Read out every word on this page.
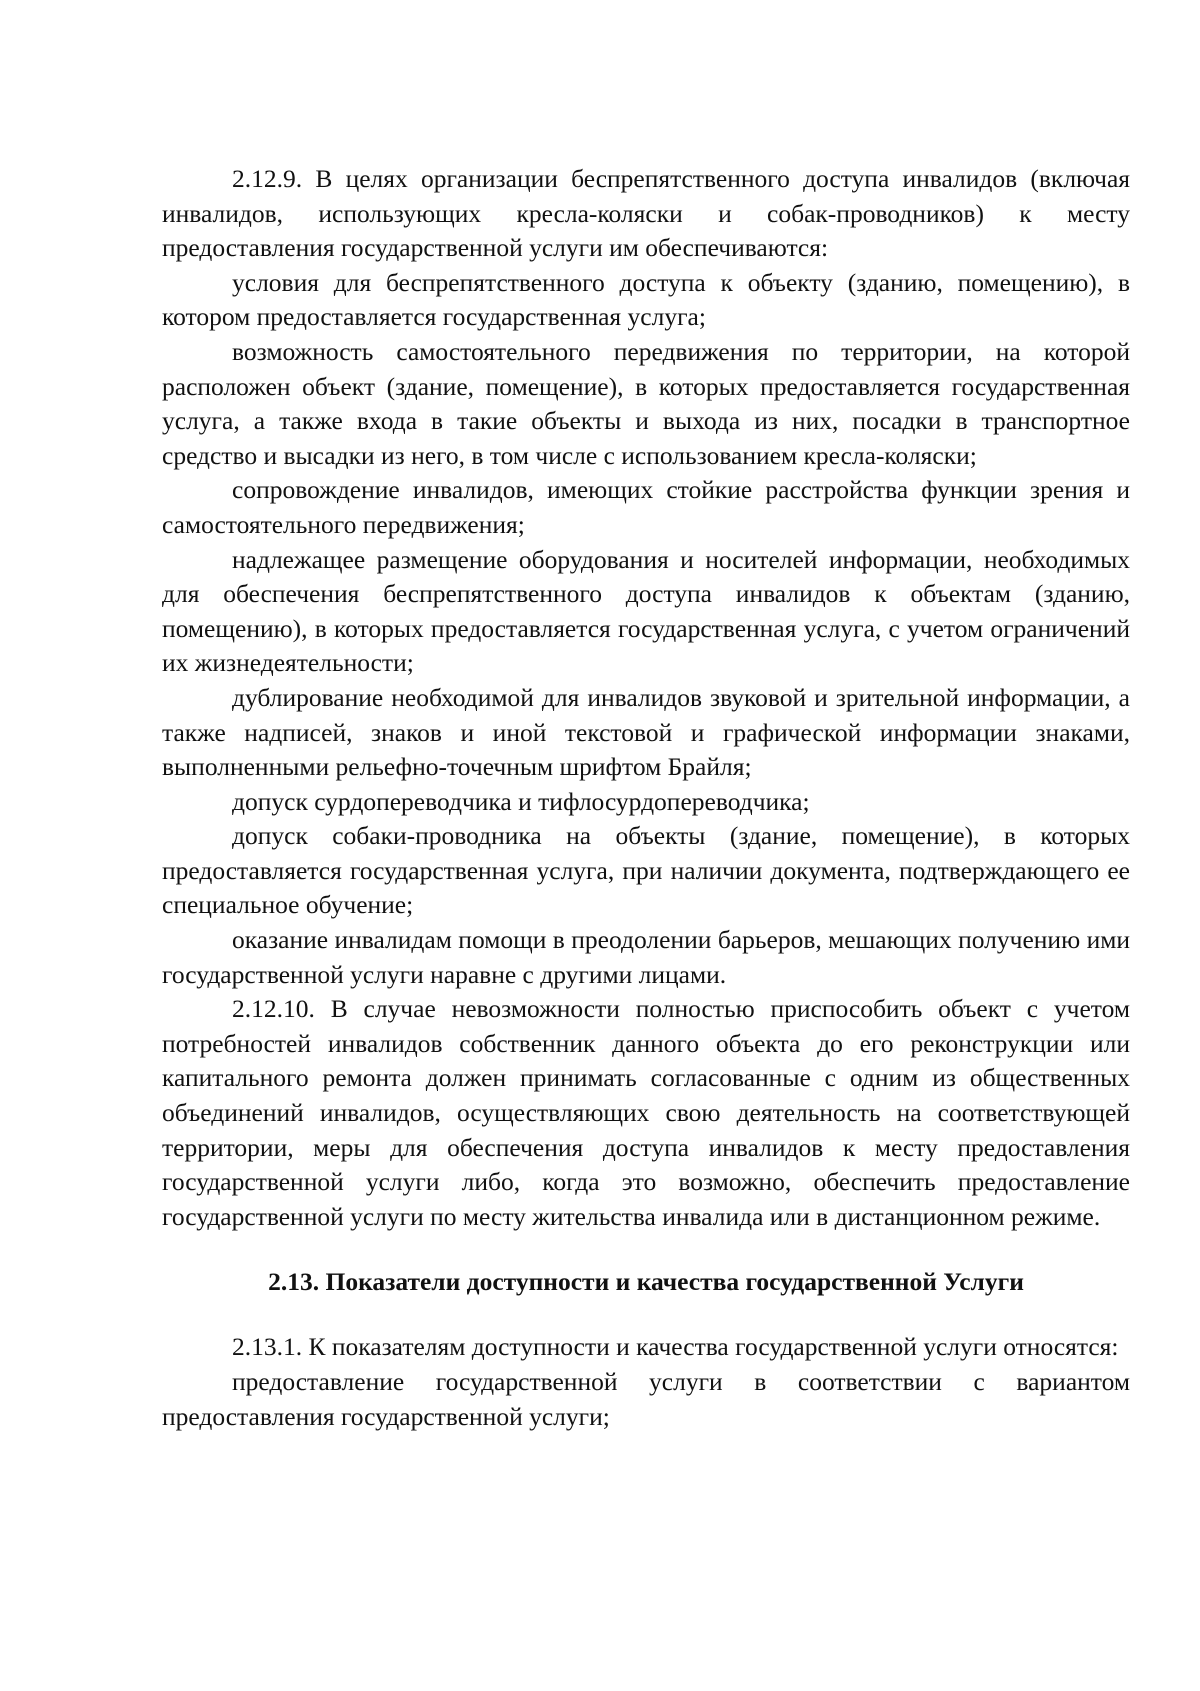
2.12.9. В целях организации беспрепятственного доступа инвалидов (включая инвалидов, использующих кресла-коляски и собак-проводников) к месту предоставления государственной услуги им обеспечиваются:

условия для беспрепятственного доступа к объекту (зданию, помещению), в котором предоставляется государственная услуга;

возможность самостоятельного передвижения по территории, на которой расположен объект (здание, помещение), в которых предоставляется государственная услуга, а также входа в такие объекты и выхода из них, посадки в транспортное средство и высадки из него, в том числе с использованием кресла-коляски;

сопровождение инвалидов, имеющих стойкие расстройства функции зрения и самостоятельного передвижения;

надлежащее размещение оборудования и носителей информации, необходимых для обеспечения беспрепятственного доступа инвалидов к объектам (зданию, помещению), в которых предоставляется государственная услуга, с учетом ограничений их жизнедеятельности;

дублирование необходимой для инвалидов звуковой и зрительной информации, а также надписей, знаков и иной текстовой и графической информации знаками, выполненными рельефно-точечным шрифтом Брайля;

допуск сурдопереводчика и тифлосурдопереводчика;

допуск собаки-проводника на объекты (здание, помещение), в которых предоставляется государственная услуга, при наличии документа, подтверждающего ее специальное обучение;

оказание инвалидам помощи в преодолении барьеров, мешающих получению ими государственной услуги наравне с другими лицами.

2.12.10. В случае невозможности полностью приспособить объект с учетом потребностей инвалидов собственник данного объекта до его реконструкции или капитального ремонта должен принимать согласованные с одним из общественных объединений инвалидов, осуществляющих свою деятельность на соответствующей территории, меры для обеспечения доступа инвалидов к месту предоставления государственной услуги либо, когда это возможно, обеспечить предоставление государственной услуги по месту жительства инвалида или в дистанционном режиме.

2.13. Показатели доступности и качества государственной Услуги

2.13.1. К показателям доступности и качества государственной услуги относятся:

предоставление государственной услуги в соответствии с вариантом предоставления государственной услуги;
